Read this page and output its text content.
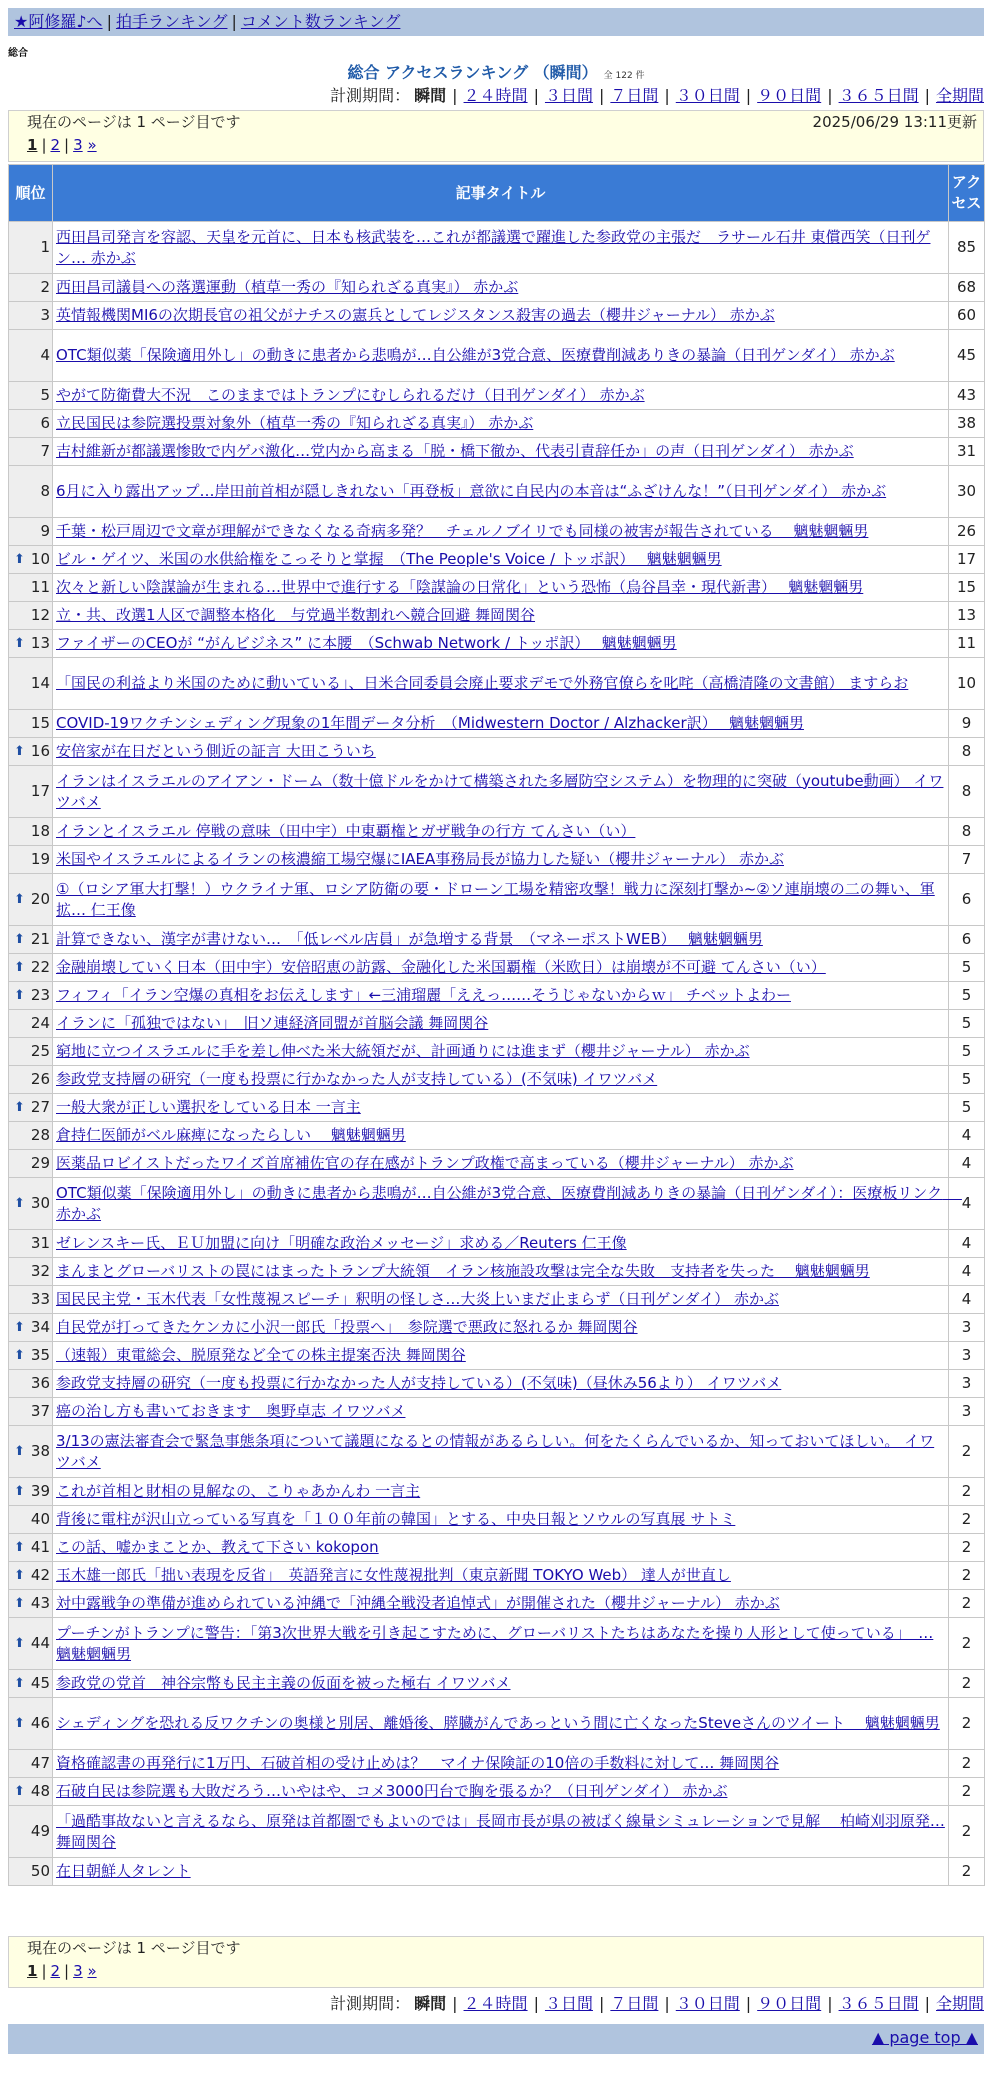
★阿修羅♪へ | 拍手ランキング | コメント数ランキング
総合
総合 アクセスランキング （瞬間） 全 122 件
計測期間： 瞬間 | ２４時間 | ３日間 | ７日間 | ３０日間 | ９０日間 | ３６５日間 | 全期間
現在のページは 1 ページ目です	2025/06/29 13:11更新
1 | 2 | 3 »
順位	記事タイトル	アクセス
1	西田昌司発言を容認、天皇を元首に、日本も核武装を…これが都議選で躍進した参政党の主張だ　ラサール石井 東償西笑（日刊ゲン… 赤かぶ	85
2	西田昌司議員への落選運動（植草一秀の『知られざる真実』） 赤かぶ	68
3	英情報機関MI6の次期長官の祖父がナチスの憲兵としてレジスタンス殺害の過去（櫻井ジャーナル） 赤かぶ	60
4	OTC類似薬「保険適用外し」の動きに患者から悲鳴が…自公維が3党合意、医療費削減ありきの暴論（日刊ゲンダイ） 赤かぶ	45
5	やがて防衛費大不況　このままではトランプにむしられるだけ（日刊ゲンダイ） 赤かぶ	43
6	立民国民は参院選投票対象外（植草一秀の『知られざる真実』） 赤かぶ	38
7	吉村維新が都議選惨敗で内ゲバ激化…党内から高まる「脱・橋下徹か、代表引責辞任か」の声（日刊ゲンダイ） 赤かぶ	31
8	6月に入り露出アップ…岸田前首相が隠しきれない「再登板」意欲に自民内の本音は“ふざけんな！”（日刊ゲンダイ） 赤かぶ	30
9	千葉・松戸周辺で文章が理解ができなくなる奇病多発？　チェルノブイリでも同様の被害が報告されている　 魑魅魍魎男	26

⬆ 10	ビル・ゲイツ、米国の水供給権をこっそりと掌握　（The People's Voice / トッポ訳）　 魑魅魍魎男	17
11	次々と新しい陰謀論が生まれる…世界中で進行する「陰謀論の日常化」という恐怖（烏谷昌幸・現代新書）　 魑魅魍魎男	15
12	立・共、改選1人区で調整本格化　与党過半数割れへ競合回避 舞岡関谷	13

⬆ 13	ファイザーのCEOが “がんビジネス” に本腰　（Schwab Network / トッポ訳）　 魑魅魍魎男	11
14	「国民の利益より米国のために動いている」、日米合同委員会廃止要求デモで外務官僚らを叱咤（高橋清隆の文書館） ますらお	10
15	COVID-19ワクチンシェディング現象の1年間データ分析　（Midwestern Doctor / Alzhacker訳）　 魑魅魍魎男	9

⬆ 16	安倍家が在日だという側近の証言 大田こういち	8
17	イランはイスラエルのアイアン・ドーム（数十億ドルをかけて構築された多層防空システム）を物理的に突破（youtube動画） イワツバメ	8
18	イランとイスラエル 停戦の意味（田中宇）中東覇権とガザ戦争の行方 てんさい（い）	8
19	米国やイスラエルによるイランの核濃縮工場空爆にIAEA事務局長が協力した疑い（櫻井ジャーナル） 赤かぶ	7

⬆ 20	①（ロシア軍大打撃！）ウクライナ軍、ロシア防衛の要・ドローン工場を精密攻撃！戦力に深刻打撃か~②ソ連崩壊の二の舞い、軍拡… 仁王像	6

⬆ 21	計算できない、漢字が書けない…　「低レベル店員」が急増する背景　（マネーポストWEB）　 魑魅魍魎男	6

⬆ 22	金融崩壊していく日本（田中宇）安倍昭恵の訪露、金融化した米国覇権（米欧日）は崩壊が不可避 てんさい（い）	5

⬆ 23	フィフィ「イラン空爆の真相をお伝えします」←三浦瑠麗「ええっ……そうじゃないからｗ」 チベットよわー	5
24	イランに「孤独ではない」　旧ソ連経済同盟が首脳会議 舞岡関谷	5
25	窮地に立つイスラエルに手を差し伸べた米大統領だが、計画通りには進まず（櫻井ジャーナル） 赤かぶ	5
26	参政党支持層の研究（一度も投票に行かなかった人が支持している）(不気味) イワツバメ	5

⬆ 27	一般大衆が正しい選択をしている日本 一言主	5
28	倉持仁医師がベル麻痺になったらしい　 魑魅魍魎男	4
29	医薬品ロビイストだったワイズ首席補佐官の存在感がトランプ政権で高まっている（櫻井ジャーナル） 赤かぶ	4

⬆ 30	OTC類似薬「保険適用外し」の動きに患者から悲鳴が…自公維が3党合意、医療費削減ありきの暴論（日刊ゲンダイ）：医療板リンク　 赤かぶ	4
31	ゼレンスキー氏、ＥＵ加盟に向け「明確な政治メッセージ」求める／Reuters 仁王像	4
32	まんまとグローバリストの罠にはまったトランプ大統領　イラン核施設攻撃は完全な失敗　支持者を失った　 魑魅魍魎男	4
33	国民民主党・玉木代表「女性蔑視スピーチ」釈明の怪しさ…大炎上いまだ止まらず（日刊ゲンダイ） 赤かぶ	4

⬆ 34	自民党が打ってきたケンカに小沢一郎氏「投票へ」　参院選で悪政に怒れるか 舞岡関谷	3

⬆ 35	（速報）東電総会、脱原発など全ての株主提案否決 舞岡関谷	3
36	参政党支持層の研究（一度も投票に行かなかった人が支持している）(不気味)（昼休み56より） イワツバメ	3
37	癌の治し方も書いておきます　奥野卓志 イワツバメ	3

⬆ 38	3/13の憲法審査会で緊急事態条項について議題になるとの情報があるらしい。何をたくらんでいるか、知っておいてほしい。 イワツバメ	2

⬆ 39	これが首相と財相の見解なの、こりゃあかんわ 一言主	2
40	背後に電柱が沢山立っている写真を「１００年前の韓国」とする、中央日報とソウルの写真展 サトミ	2

⬆ 41	この話、嘘かまことか、教えて下さい kokopon	2

⬆ 42	玉木雄一郎氏「拙い表現を反省」　英語発言に女性蔑視批判（東京新聞 TOKYO Web） 達人が世直し	2

⬆ 43	対中露戦争の準備が進められている沖縄で「沖縄全戦没者追悼式」が開催された（櫻井ジャーナル） 赤かぶ	2

⬆ 44	プーチンがトランプに警告：「第3次世界大戦を引き起こすために、グローバリストたちはあなたを操り人形として使っている」　… 魑魅魍魎男	2

⬆ 45	参政党の党首　神谷宗幣も民主主義の仮面を被った極右 イワツバメ	2

⬆ 46	シェディングを恐れる反ワクチンの奥様と別居、離婚後、膵臓がんであっという間に亡くなったSteveさんのツイート　 魑魅魍魎男	2
47	資格確認書の再発行に1万円、石破首相の受け止めは？　マイナ保険証の10倍の手数料に対して… 舞岡関谷	2

⬆ 48	石破自民は参院選も大敗だろう…いやはや、コメ3000円台で胸を張るか？（日刊ゲンダイ） 赤かぶ	2
49	「過酷事故ないと言えるなら、原発は首都圏でもよいのでは」長岡市長が県の被ばく線量シミュレーションで見解　 柏崎刈羽原発… 舞岡関谷	2
50	在日朝鮮人タレント	2
現在のページは 1 ページ目です
1 | 2 | 3 »
計測期間： 瞬間 | ２４時間 | ３日間 | ７日間 | ３０日間 | ９０日間 | ３６５日間 | 全期間
▲ page top ▲
